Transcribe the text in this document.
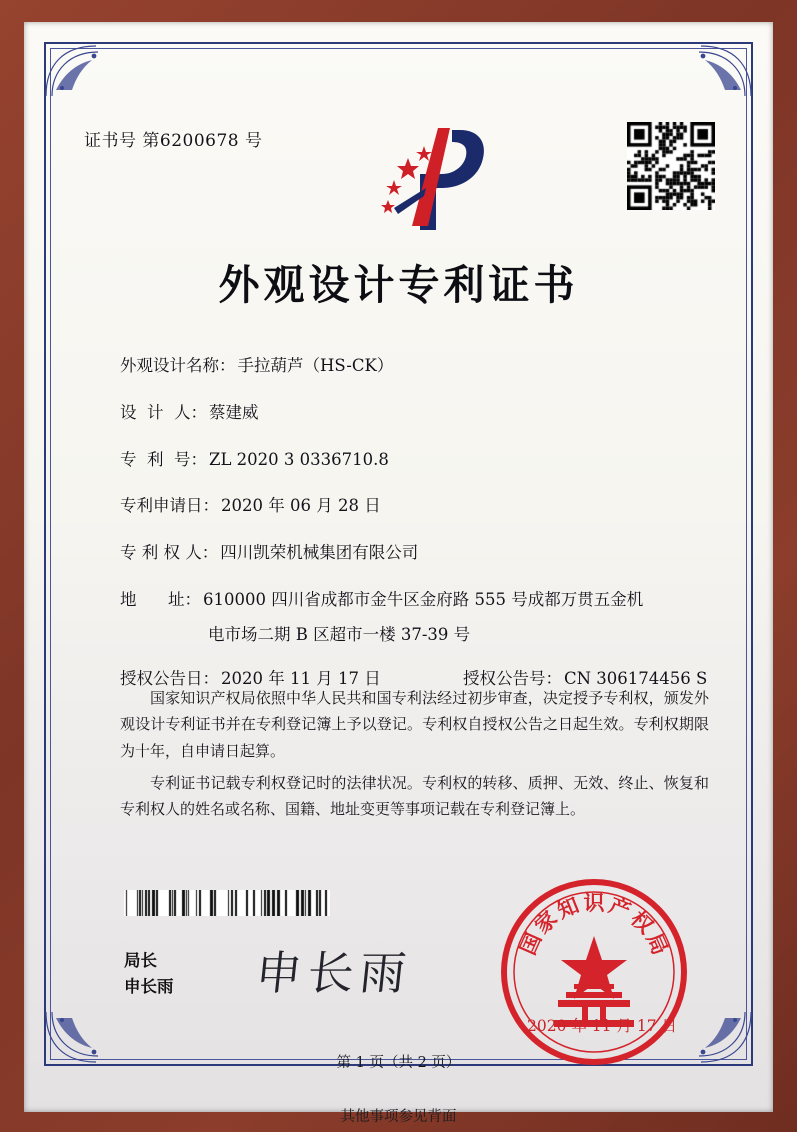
证书号 第6200678 号
外观设计专利证书
外观设计名称： 手拉葫芦（HS-CK）
设  计  人： 蔡建威
专  利  号： ZL 2020 3 0336710.8
专利申请日： 2020 年 06 月 28 日
专 利 权 人： 四川凯荣机械集团有限公司
地      址： 610000 四川省成都市金牛区金府路 555 号成都万贯五金机
电市场二期 B 区超市一楼 37-39 号
授权公告日： 2020 年 11 月 17 日	授权公告号： CN 306174456 S

国家知识产权局依照中华人民共和国专利法经过初步审查，决定授予专利权，颁发外观设计专利证书并在专利登记簿上予以登记。专利权自授权公告之日起生效。专利权期限为十年，自申请日起算。

专利证书记载专利权登记时的法律状况。专利权的转移、质押、无效、终止、恢复和专利权人的姓名或名称、国籍、地址变更等事项记载在专利登记簿上。

局长
申长雨 申长雨
国
家
知 识 产
权
局
2020 年 11 月 17 日
第 1 页（共 2 页）
其他事项参见背面
